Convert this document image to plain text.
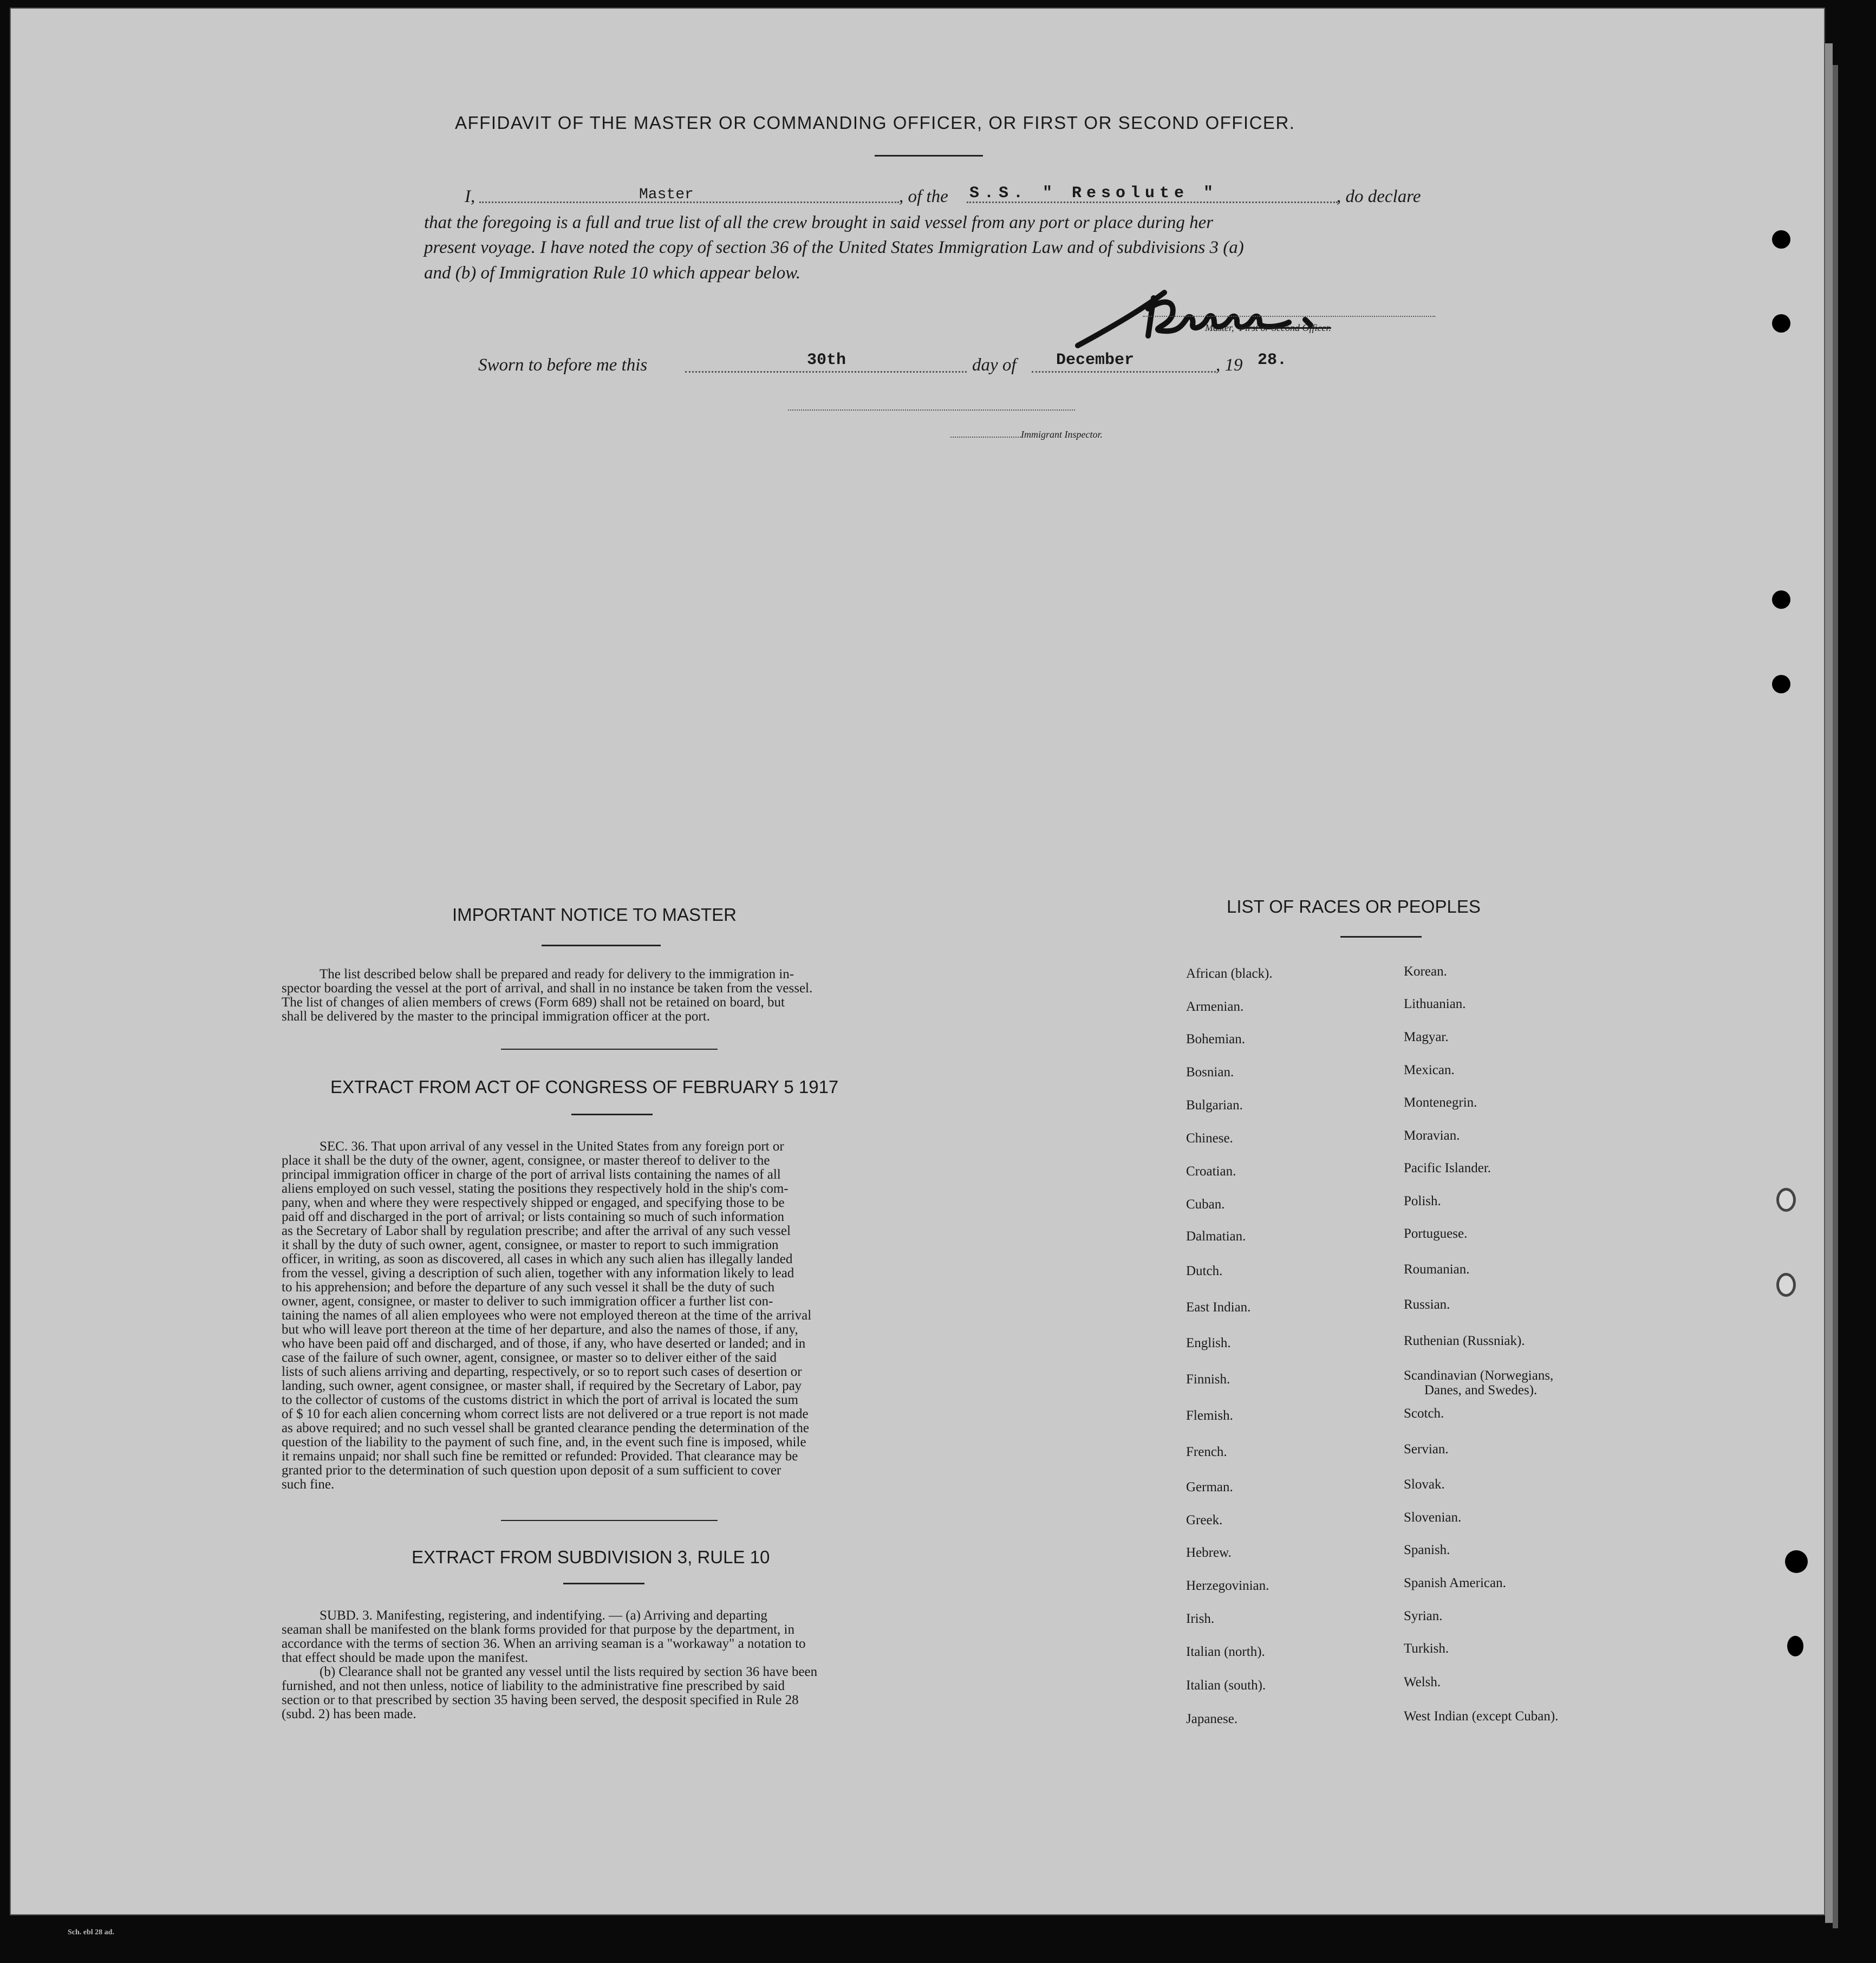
AFFIDAVIT OF THE MASTER OR COMMANDING OFFICER, OR FIRST OR SECOND OFFICER.
I,	Master	, of the S.S. " Resolute "	, do declare
that the foregoing is a full and true list of all the crew brought in said vessel from any port or place during her
present voyage. I have noted the copy of section 36 of the United States Immigration Law and of subdivisions 3 (a)
and (b) of Immigration Rule 10 which appear below.
Master, First or Second Officer.
Sworn to before me this	30th	day of December	, 19 28.
Immigrant Inspector.
IMPORTANT NOTICE TO MASTER

The list described below shall be prepared and ready for delivery to the immigration in-

spector boarding the vessel at the port of arrival, and shall in no instance be taken from the vessel.

The list of changes of alien members of crews (Form 689) shall not be retained on board, but

shall be delivered by the master to the principal immigration officer at the port.

EXTRACT FROM ACT OF CONGRESS OF FEBRUARY 5 1917

SEC. 36. That upon arrival of any vessel in the United States from any foreign port or

place it shall be the duty of the owner, agent, consignee, or master thereof to deliver to the

principal immigration officer in charge of the port of arrival lists containing the names of all

aliens employed on such vessel, stating the positions they respectively hold in the ship's com-

pany, when and where they were respectively shipped or engaged, and specifying those to be

paid off and discharged in the port of arrival; or lists containing so much of such information

as the Secretary of Labor shall by regulation prescribe; and after the arrival of any such vessel

it shall by the duty of such owner, agent, consignee, or master to report to such immigration

officer, in writing, as soon as discovered, all cases in which any such alien has illegally landed

from the vessel, giving a description of such alien, together with any information likely to lead

to his apprehension; and before the departure of any such vessel it shall be the duty of such

owner, agent, consignee, or master to deliver to such immigration officer a further list con-

taining the names of all alien employees who were not employed thereon at the time of the arrival

but who will leave port thereon at the time of her departure, and also the names of those, if any,

who have been paid off and discharged, and of those, if any, who have deserted or landed; and in

case of the failure of such owner, agent, consignee, or master so to deliver either of the said

lists of such aliens arriving and departing, respectively, or so to report such cases of desertion or

landing, such owner, agent consignee, or master shall, if required by the Secretary of Labor, pay

to the collector of customs of the customs district in which the port of arrival is located the sum

of $ 10 for each alien concerning whom correct lists are not delivered or a true report is not made

as above required; and no such vessel shall be granted clearance pending the determination of the

question of the liability to the payment of such fine, and, in the event such fine is imposed, while

it remains unpaid; nor shall such fine be remitted or refunded: Provided. That clearance may be

granted prior to the determination of such question upon deposit of a sum sufficient to cover

such fine.

EXTRACT FROM SUBDIVISION 3, RULE 10

SUBD. 3. Manifesting, registering, and indentifying. — (a) Arriving and departing

seaman shall be manifested on the blank forms provided for that purpose by the department, in

accordance with the terms of section 36. When an arriving seaman is a "workaway" a notation to

that effect should be made upon the manifest.

(b) Clearance shall not be granted any vessel until the lists required by section 36 have been

furnished, and not then unless, notice of liability to the administrative fine prescribed by said

section or to that prescribed by section 35 having been served, the desposit specified in Rule 28

(subd. 2) has been made.

LIST OF RACES OR PEOPLES
African (black).
Armenian.
Bohemian.
Bosnian.
Bulgarian.
Chinese.
Croatian.
Cuban.
Dalmatian.
Dutch.
East Indian.
English.
Finnish.
Flemish.
French.
German.
Greek.
Hebrew.
Herzegovinian.
Irish.
Italian (north).
Italian (south).
Japanese.
Korean.
Lithuanian.
Magyar.
Mexican.
Montenegrin.
Moravian.
Pacific Islander.
Polish.
Portuguese.
Roumanian.
Russian.
Ruthenian (Russniak).
Scandinavian (Norwegians,
Danes, and Swedes).
Scotch.
Servian.
Slovak.
Slovenian.
Spanish.
Spanish American.
Syrian.
Turkish.
Welsh.
West Indian (except Cuban).
Sch. ebl 28 ad.
